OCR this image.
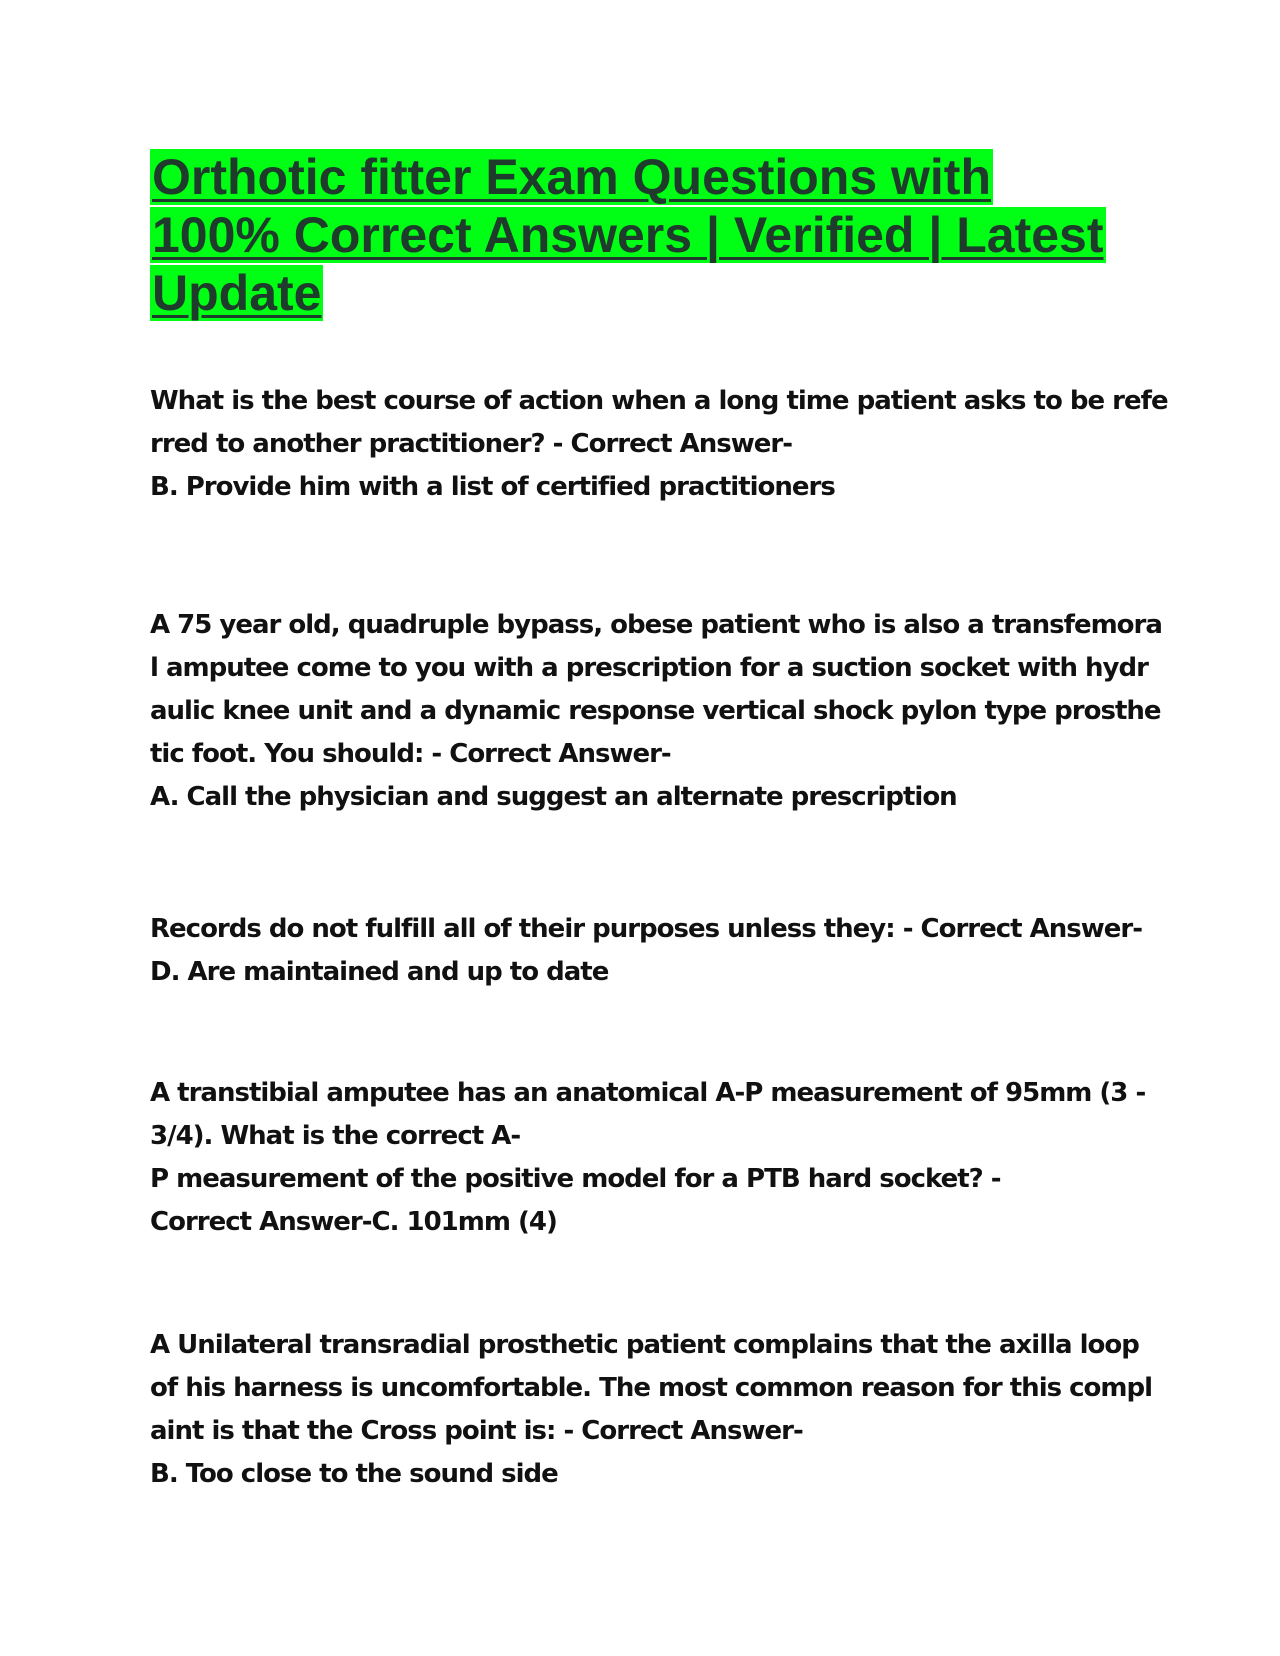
Orthotic fitter Exam Questions with
100% Correct Answers | Verified | Latest
Update
What is the best course of action when a long time patient asks to be refe
rred to another practitioner? - Correct Answer-
B. Provide him with a list of certified practitioners
A 75 year old, quadruple bypass, obese patient who is also a transfemora
l amputee come to you with a prescription for a suction socket with hydr
aulic knee unit and a dynamic response vertical shock pylon type prosthe
tic foot. You should: - Correct Answer-
A. Call the physician and suggest an alternate prescription
Records do not fulfill all of their purposes unless they: - Correct Answer-
D. Are maintained and up to date
A transtibial amputee has an anatomical A-P measurement of 95mm (3 -
3/4). What is the correct A-
P measurement of the positive model for a PTB hard socket? -
Correct Answer-C. 101mm (4)
A Unilateral transradial prosthetic patient complains that the axilla loop
of his harness is uncomfortable. The most common reason for this compl
aint is that the Cross point is: - Correct Answer-
B. Too close to the sound side
